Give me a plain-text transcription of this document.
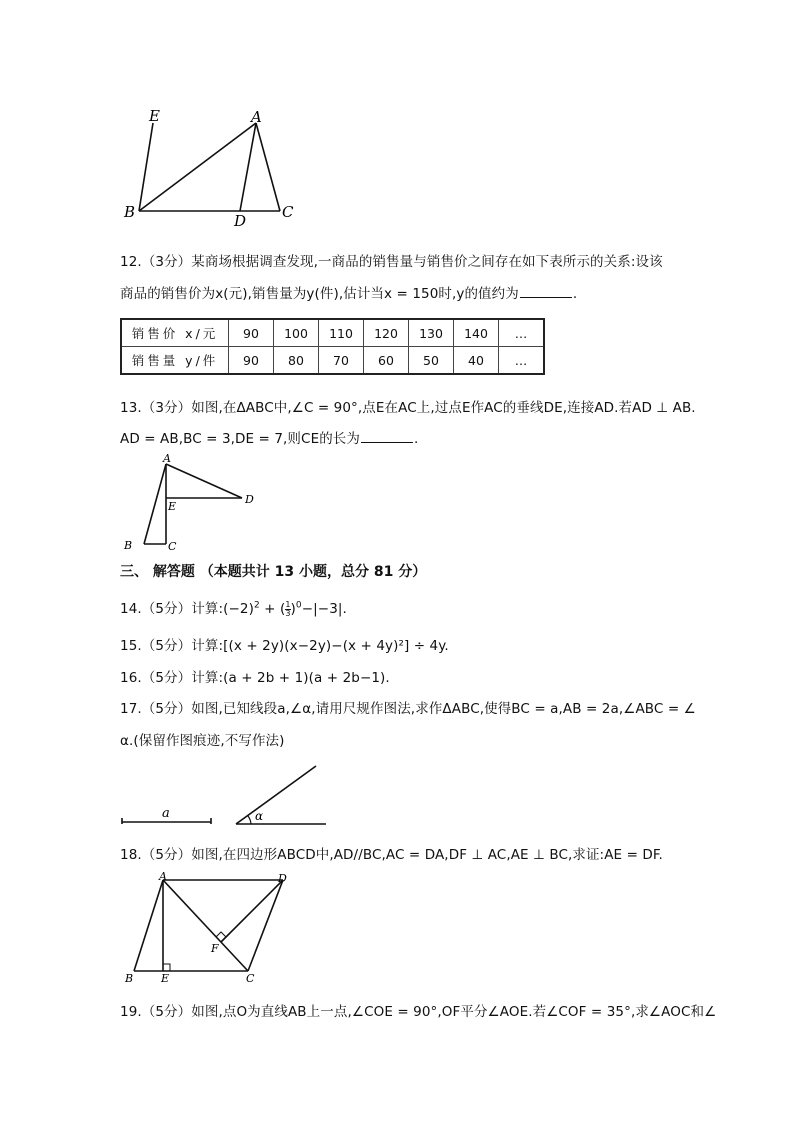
E	A
B	D C
12.（3分）某商场根据调查发现,一商品的销售量与销售价之间存在如下表所示的关系:设该
商品的销售价为x(元),销售量为y(件),估计当x = 150时,y的值约为	.
销售价 x/元	90	100	110	120	130	140	…
销售量 y/件	90	80	70	60	50	40	…
13.（3分）如图,在ΔABC中,∠C = 90°,点E在AC上,过点E作AC的垂线DE,连接AD.若AD ⊥ AB.
AD = AB,BC = 3,DE = 7,则CE的长为	.
A
E
D
B	C
三、 解答题 （本题共计 13 小题，总分 81 分）
14.（5分）计算$:(-2)^2$ + ( $\frac{1}{3} )^0-|-3|$.
15.（5分）计算:[(x + 2y)(x−2y)−(x + 4y)²] ÷ 4y.
16.（5分）计算:(a + 2b + 1)(a + 2b−1).
17.（5分）如图,已知线段a,∠α,请用尺规作图法,求作ΔABC,使得BC = a,AB = 2a,∠ABC = ∠
α.(保留作图痕迹,不写作法)
a	α
18.（5分）如图,在四边形ABCD中,AD//BC,AC = DA,DF ⊥ AC,AE ⊥ BC,求证:AE = DF.
A	D
F
B	E	C
19.（5分）如图,点O为直线AB上一点,∠COE = 90°,OF平分∠AOE.若∠COF = 35°,求∠AOC和∠
